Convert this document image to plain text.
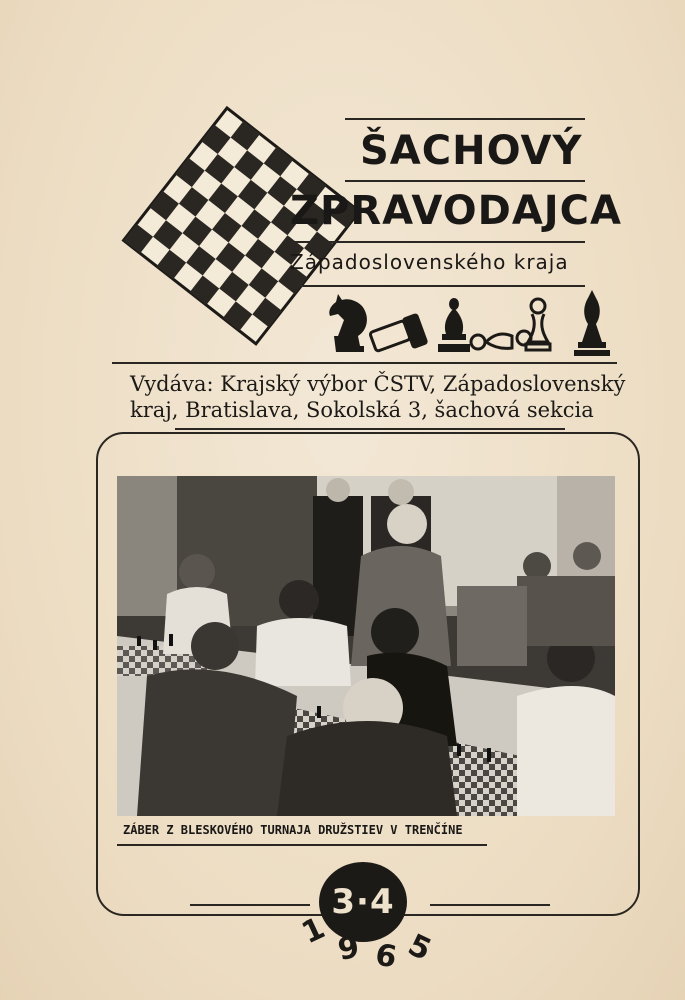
ŠACHOVÝ
ZPRAVODAJCA
Západoslovenského kraja
Vydáva: Krajský výbor ČSTV, Západoslovenský
kraj, Bratislava, Sokolská 3, šachová sekcia
ZÁBER Z BLESKOVÉHO TURNAJA DRUŽSTIEV V TRENČÍNE
3·4
1 9 6 5
